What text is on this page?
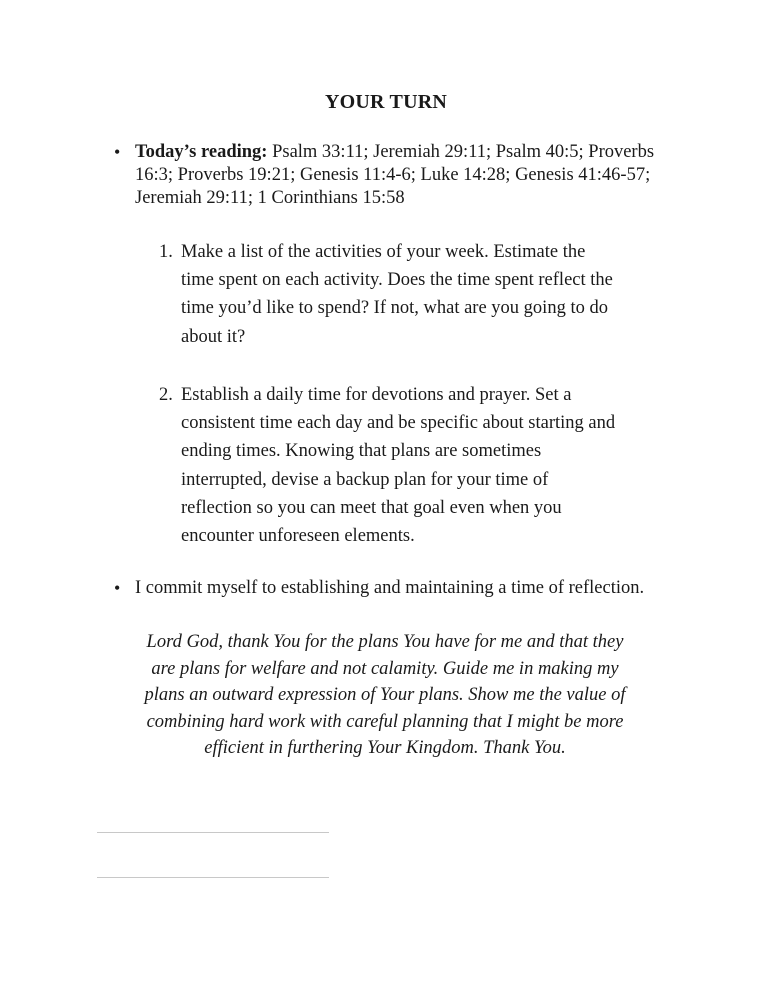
YOUR TURN
• Today’s reading: Psalm 33:11; Jeremiah 29:11; Psalm 40:5; Proverbs 16:3; Proverbs 19:21; Genesis 11:4-6; Luke 14:28; Genesis 41:46-57; Jeremiah 29:11; 1 Corinthians 15:58
1. Make a list of the activities of your week. Estimate the time spent on each activity. Does the time spent reflect the time you’d like to spend? If not, what are you going to do about it?
2. Establish a daily time for devotions and prayer. Set a consistent time each day and be specific about starting and ending times. Knowing that plans are sometimes interrupted, devise a backup plan for your time of reflection so you can meet that goal even when you encounter unforeseen elements.
• I commit myself to establishing and maintaining a time of reflection.
Lord God, thank You for the plans You have for me and that they are plans for welfare and not calamity. Guide me in making my plans an outward expression of Your plans. Show me the value of combining hard work with careful planning that I might be more efficient in furthering Your Kingdom. Thank You.
